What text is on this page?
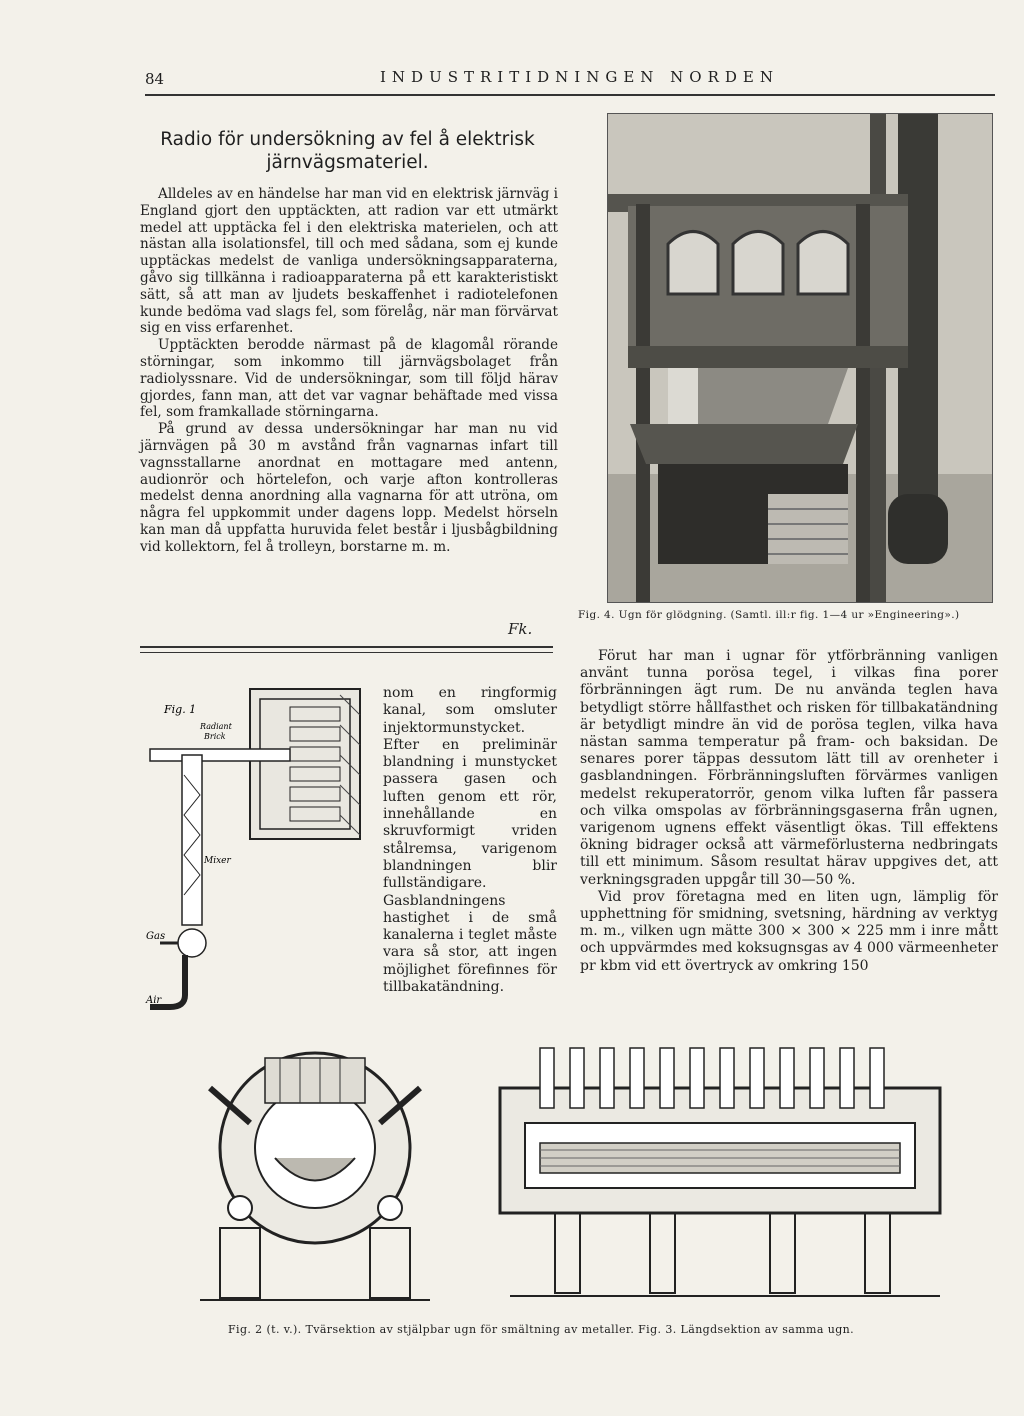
84	INDUSTRITIDNINGEN NORDEN
Radio för undersökning av fel å elektrisk
järnvägsmateriel.

Alldeles av en händelse har man vid en elektrisk järnväg i England gjort den upptäckten, att radion var ett utmärkt medel att upptäcka fel i den elektriska materielen, och att nästan alla isolationsfel, till och med sådana, som ej kunde upptäckas medelst de vanliga undersökningsapparaterna, gåvo sig tillkänna i radioapparaterna på ett karakteristiskt sätt, så att man av ljudets beskaffenhet i radiotelefonen kunde bedöma vad slags fel, som förelåg, när man förvärvat sig en viss erfarenhet.

Upptäckten berodde närmast på de klagomål rörande störningar, som inkommo till järnvägsbolaget från radiolyssnare. Vid de undersökningar, som till följd härav gjordes, fann man, att det var vagnar behäftade med vissa fel, som framkallade störningarna.

På grund av dessa undersökningar har man nu vid järnvägen på 30 m avstånd från vagnarnas infart till vagnsstallarne anordnat en mottagare med antenn, audionrör och hörtelefon, och varje afton kontrolleras medelst denna anordning alla vagnarna för att utröna, om några fel uppkommit under dagens lopp. Medelst hörseln kan man då uppfatta huruvida felet består i ljusbågbildning vid kollektorn, fel å trolleyn, borstarne m. m.

Fk.
Fig. 4. Ugn för glödgning. (Samtl. ill:r fig. 1—4 ur »Engineering».)
Fig. 1
Radiant
Brick
Mixer
Gas
Air
nom en ringformig kanal, som omsluter injektormunstycket. Efter en preliminär blandning i munstycket passera gasen och luften genom ett rör, innehållande en skruvformigt vriden stålremsa, varigenom blandningen blir fullständigare. Gasblandningens hastighet i de små kanalerna i teglet måste vara så stor, att ingen möjlighet förefinnes för tillbakatändning.

Förut har man i ugnar för ytförbränning vanligen använt tunna porösa tegel, i vilkas fina porer förbränningen ägt rum. De nu använda teglen hava betydligt större hållfasthet och risken för tillbakatändning är betydligt mindre än vid de porösa teglen, vilka hava nästan samma temperatur på fram- och baksidan. De senares porer täppas dessutom lätt till av orenheter i gasblandningen. Förbränningsluften förvärmes vanligen medelst rekuperatorrör, genom vilka luften får passera och vilka omspolas av förbränningsgaserna från ugnen, varigenom ugnens effekt väsentligt ökas. Till effektens ökning bidrager också att värmeförlusterna nedbringats till ett minimum. Såsom resultat härav uppgives det, att verkningsgraden uppgår till 30—50 %.

Vid prov företagna med en liten ugn, lämplig för upphettning för smidning, svetsning, härdning av verktyg m. m., vilken ugn mätte 300 × 300 × 225 mm i inre mått och uppvärmdes med koksugnsgas av 4 000 värmeenheter pr kbm vid ett övertryck av omkring 150

Fig. 2 (t. v.). Tvärsektion av stjälpbar ugn för smältning av metaller. Fig. 3. Längdsektion av samma ugn.
